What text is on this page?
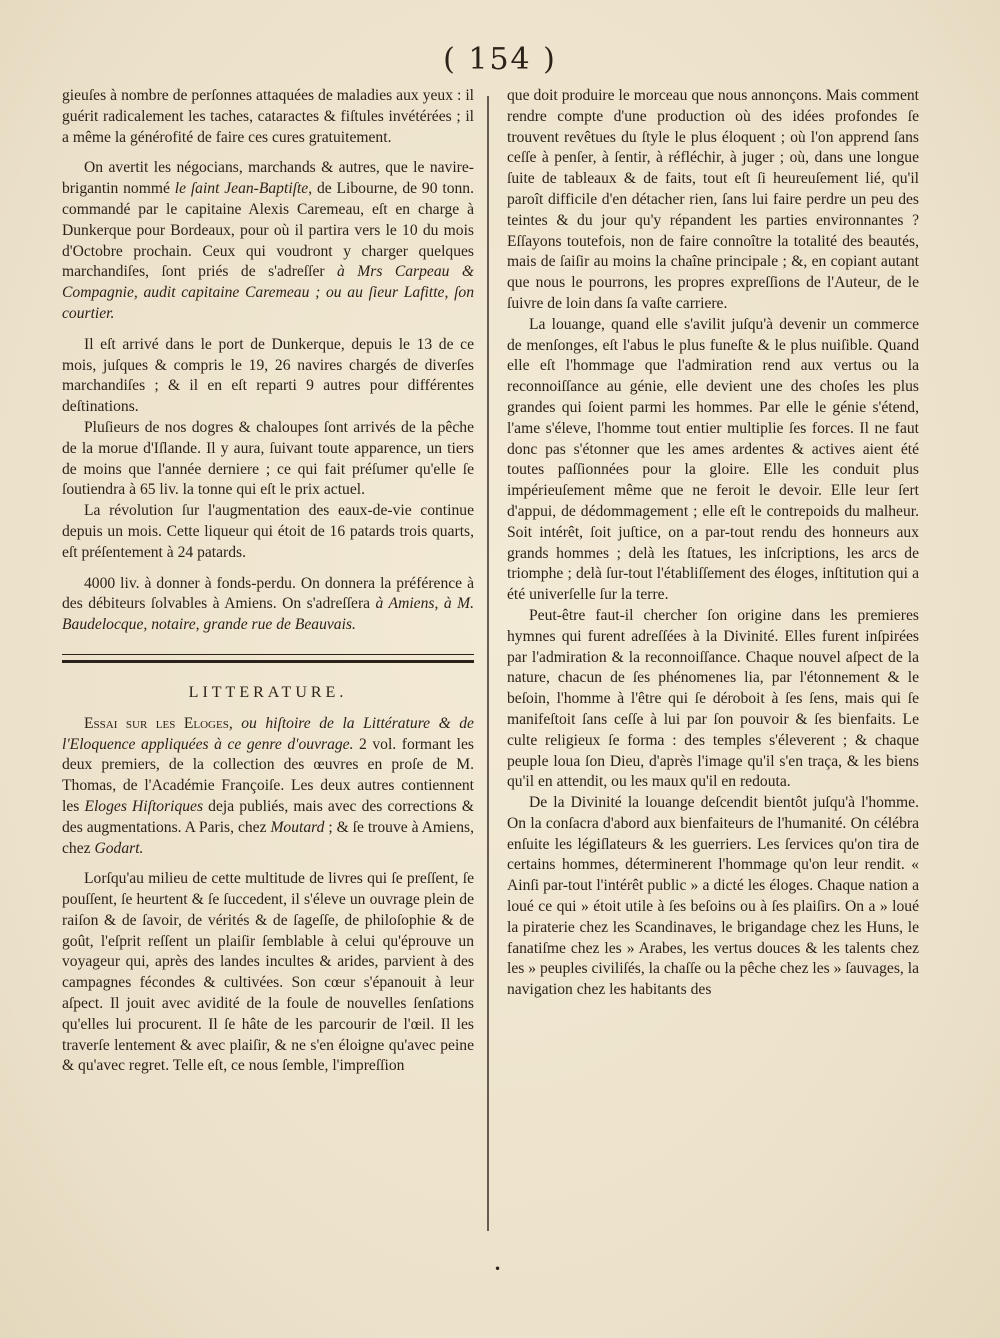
( 154 )

gieuſes à nombre de perſonnes attaquées de maladies aux yeux : il guérit radicalement les taches, cataractes & fiſtules invétérées ; il a même la générofité de faire ces cures gratuitement.

On avertit les négocians, marchands & autres, que le navire-brigantin nommé le ſaint Jean-Baptiſte, de Libourne, de 90 tonn. commandé par le capitaine Alexis Caremeau, eſt en charge à Dunkerque pour Bordeaux, pour où il partira vers le 10 du mois d'Octobre prochain. Ceux qui voudront y charger quelques marchandiſes, ſont priés de s'adreſſer à Mrs Carpeau & Compagnie, audit capitaine Caremeau ; ou au ſieur Lafitte, ſon courtier.

Il eſt arrivé dans le port de Dunkerque, depuis le 13 de ce mois, juſques & compris le 19, 26 navires chargés de diverſes marchandiſes ; & il en eſt reparti 9 autres pour différentes deſtinations.

Pluſieurs de nos dogres & chaloupes ſont arrivés de la pêche de la morue d'Iſlande. Il y aura, ſuivant toute apparence, un tiers de moins que l'année derniere ; ce qui fait préſumer qu'elle ſe ſoutiendra à 65 liv. la tonne qui eſt le prix actuel.

La révolution ſur l'augmentation des eaux-de-vie continue depuis un mois. Cette liqueur qui étoit de 16 patards trois quarts, eſt préſentement à 24 patards.

4000 liv. à donner à fonds-perdu. On donnera la préférence à des débiteurs ſolvables à Amiens. On s'adreſſera à Amiens, à M. Baudelocque, notaire, grande rue de Beauvais.

LITTERATURE.

Essai sur les Eloges, ou hiſtoire de la Littérature & de l'Eloquence appliquées à ce genre d'ouvrage. 2 vol. formant les deux premiers, de la collection des œuvres en proſe de M. Thomas, de l'Académie Françoiſe. Les deux autres contiennent les Eloges Hiſtoriques deja publiés, mais avec des corrections & des augmentations. A Paris, chez Moutard ; & ſe trouve à Amiens, chez Godart.

Lorſqu'au milieu de cette multitude de livres qui ſe preſſent, ſe pouſſent, ſe heurtent & ſe ſuccedent, il s'éleve un ouvrage plein de raiſon & de ſavoir, de vérités & de ſageſſe, de philoſophie & de goût, l'eſprit reſſent un plaiſir ſemblable à celui qu'éprouve un voyageur qui, après des landes incultes & arides, parvient à des campagnes fécondes & cultivées. Son cœur s'épanouit à leur aſpect. Il jouit avec avidité de la foule de nouvelles ſenſations qu'elles lui procurent. Il ſe hâte de les parcourir de l'œil. Il les traverſe lentement & avec plaiſir, & ne s'en éloigne qu'avec peine & qu'avec regret. Telle eſt, ce nous ſemble, l'impreſſion

que doit produire le morceau que nous annonçons. Mais comment rendre compte d'une production où des idées profondes ſe trouvent revêtues du ſtyle le plus éloquent ; où l'on apprend ſans ceſſe à penſer, à ſentir, à réfléchir, à juger ; où, dans une longue ſuite de tableaux & de faits, tout eſt ſi heureuſement lié, qu'il paroît difficile d'en détacher rien, ſans lui faire perdre un peu des teintes & du jour qu'y répandent les parties environnantes ? Eſſayons toutefois, non de faire connoître la totalité des beautés, mais de ſaiſir au moins la chaîne principale ; &, en copiant autant que nous le pourrons, les propres expreſſions de l'Auteur, de le ſuivre de loin dans ſa vaſte carriere.

La louange, quand elle s'avilit juſqu'à devenir un commerce de menſonges, eſt l'abus le plus funeſte & le plus nuiſible. Quand elle eſt l'hommage que l'admiration rend aux vertus ou la reconnoiſſance au génie, elle devient une des choſes les plus grandes qui ſoient parmi les hommes. Par elle le génie s'étend, l'ame s'éleve, l'homme tout entier multiplie ſes forces. Il ne faut donc pas s'étonner que les ames ardentes & actives aient été toutes paſſionnées pour la gloire. Elle les conduit plus impérieuſement même que ne feroit le devoir. Elle leur ſert d'appui, de dédommagement ; elle eſt le contrepoids du malheur. Soit intérêt, ſoit juſtice, on a par-tout rendu des honneurs aux grands hommes ; delà les ſtatues, les inſcriptions, les arcs de triomphe ; delà ſur-tout l'établiſſement des éloges, inſtitution qui a été univerſelle ſur la terre.

Peut-être faut-il chercher ſon origine dans les premieres hymnes qui furent adreſſées à la Divinité. Elles furent inſpirées par l'admiration & la reconnoiſſance. Chaque nouvel aſpect de la nature, chacun de ſes phénomenes lia, par l'étonnement & le beſoin, l'homme à l'être qui ſe déroboit à ſes ſens, mais qui ſe manifeſtoit ſans ceſſe à lui par ſon pouvoir & ſes bienfaits. Le culte religieux ſe forma : des temples s'éleverent ; & chaque peuple loua ſon Dieu, d'après l'image qu'il s'en traça, & les biens qu'il en attendit, ou les maux qu'il en redouta.

De la Divinité la louange deſcendit bientôt juſqu'à l'homme. On la conſacra d'abord aux bienfaiteurs de l'humanité. On célébra enſuite les légiſlateurs & les guerriers. Les ſervices qu'on tira de certains hommes, déterminerent l'hommage qu'on leur rendit. « Ainſi par-tout l'intérêt public » a dicté les éloges. Chaque nation a loué ce qui » étoit utile à ſes beſoins ou à ſes plaiſirs. On a » loué la piraterie chez les Scandinaves, le brigandage chez les Huns, le fanatiſme chez les » Arabes, les vertus douces & les talents chez les » peuples civiliſés, la chaſſe ou la pêche chez les » ſauvages, la navigation chez les habitants des

•
